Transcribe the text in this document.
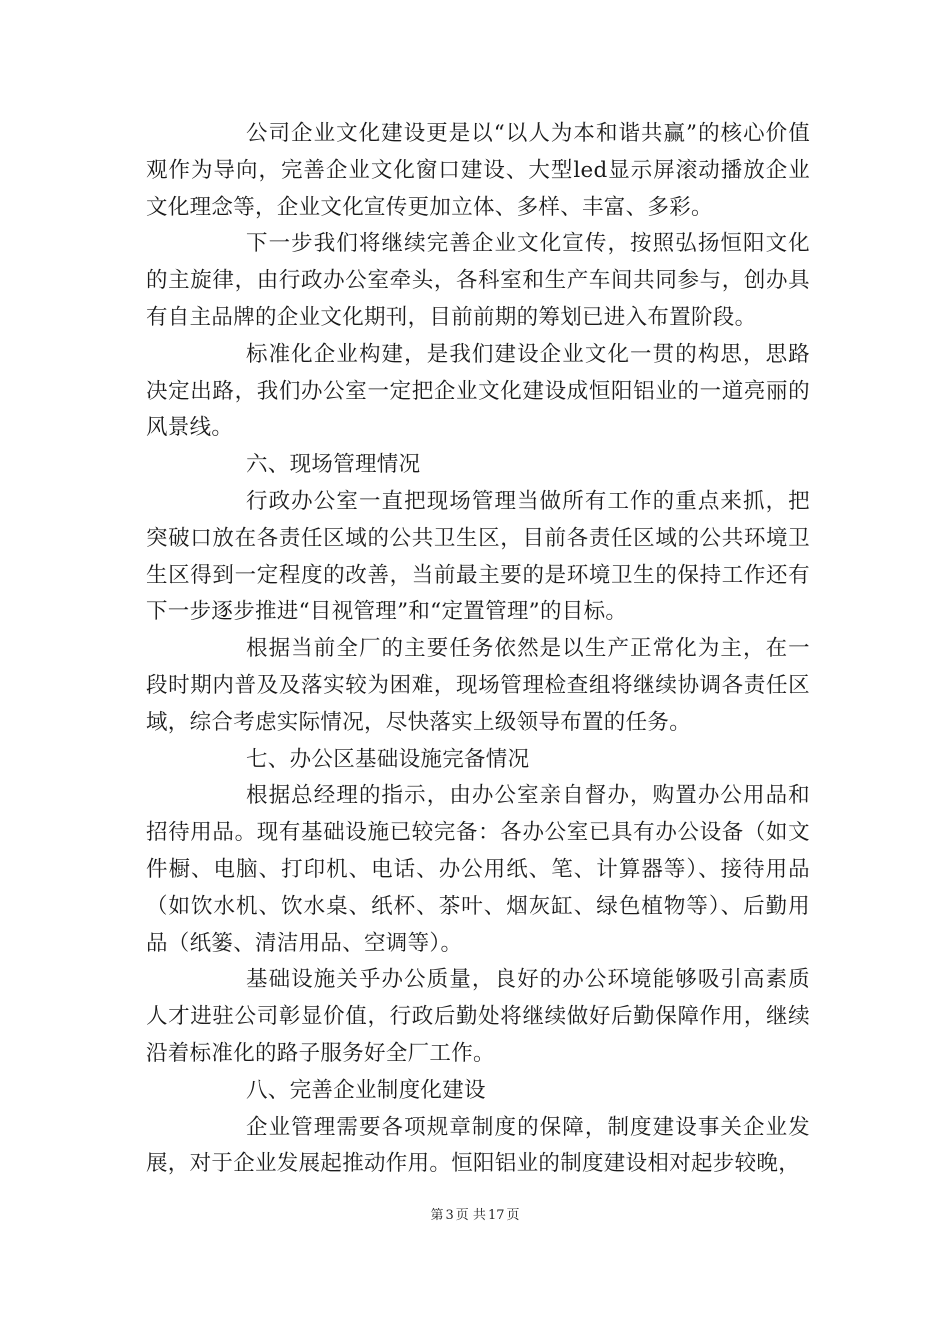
公司企业文化建设更是以“以人为本和谐共赢”的核心价值观作为导向，完善企业文化窗口建设、大型led显示屏滚动播放企业文化理念等，企业文化宣传更加立体、多样、丰富、多彩。

下一步我们将继续完善企业文化宣传，按照弘扬恒阳文化的主旋律，由行政办公室牵头，各科室和生产车间共同参与，创办具有自主品牌的企业文化期刊，目前前期的筹划已进入布置阶段。

标准化企业构建，是我们建设企业文化一贯的构思，思路决定出路，我们办公室一定把企业文化建设成恒阳铝业的一道亮丽的风景线。

六、现场管理情况

行政办公室一直把现场管理当做所有工作的重点来抓，把突破口放在各责任区域的公共卫生区，目前各责任区域的公共环境卫生区得到一定程度的改善，当前最主要的是环境卫生的保持工作还有下一步逐步推进“目视管理”和“定置管理”的目标。

根据当前全厂的主要任务依然是以生产正常化为主，在一段时期内普及及落实较为困难，现场管理检查组将继续协调各责任区域，综合考虑实际情况，尽快落实上级领导布置的任务。

七、办公区基础设施完备情况

根据总经理的指示，由办公室亲自督办，购置办公用品和招待用品。现有基础设施已较完备：各办公室已具有办公设备（如文件橱、电脑、打印机、电话、办公用纸、笔、计算器等）、接待用品（如饮水机、饮水桌、纸杯、茶叶、烟灰缸、绿色植物等）、后勤用品（纸篓、清洁用品、空调等）。

基础设施关乎办公质量，良好的办公环境能够吸引高素质人才进驻公司彰显价值，行政后勤处将继续做好后勤保障作用，继续沿着标准化的路子服务好全厂工作。

八、完善企业制度化建设

企业管理需要各项规章制度的保障，制度建设事关企业发展，对于企业发展起推动作用。恒阳铝业的制度建设相对起步较晚，

第 3 页 共 17 页
